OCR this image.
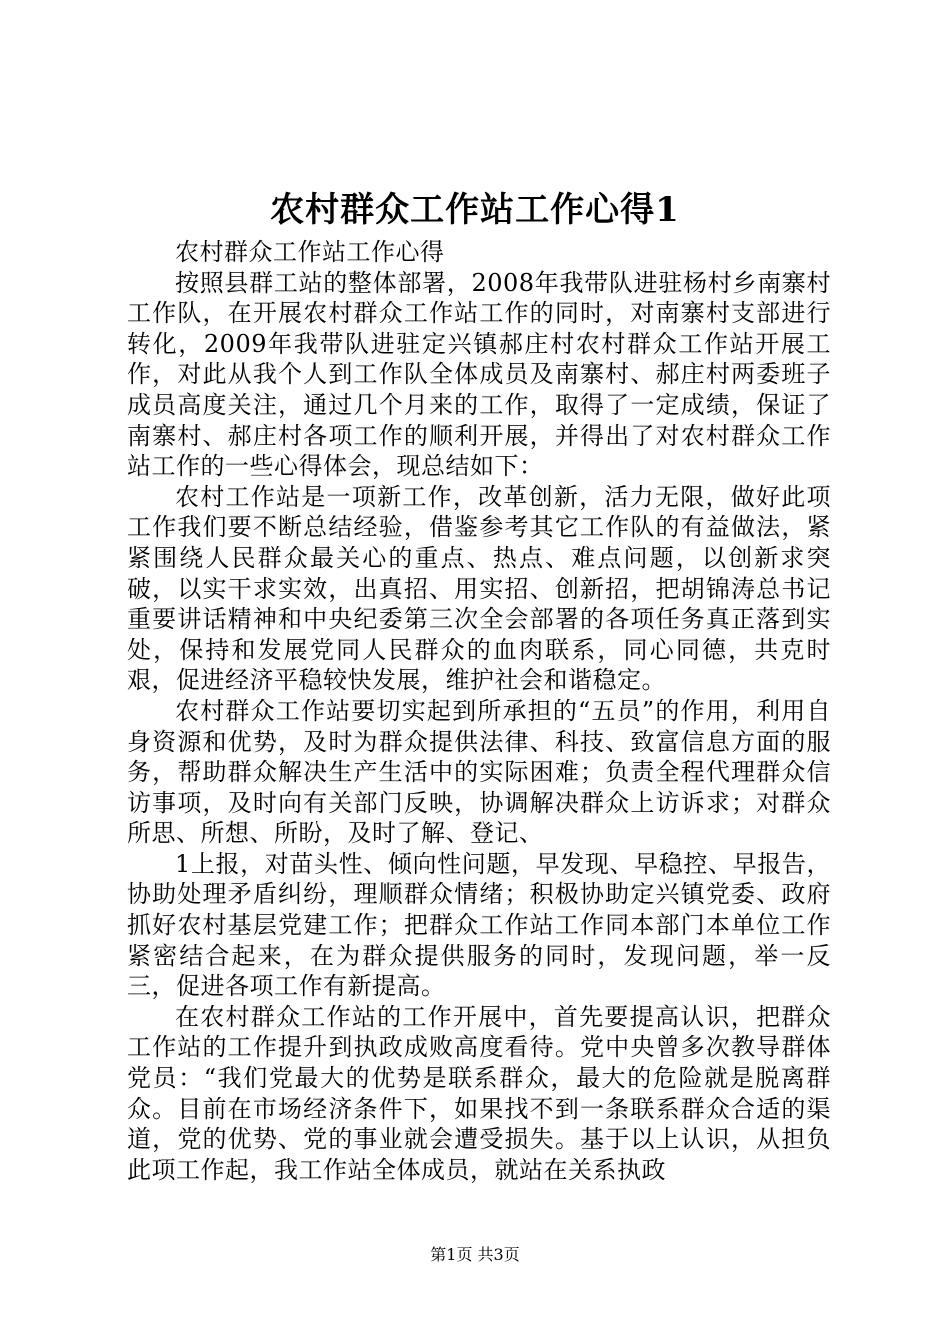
农村群众工作站工作心得1

农村群众工作站工作心得

按照县群工站的整体部署，2008年我带队进驻杨村乡南寨村工作队，在开展农村群众工作站工作的同时，对南寨村支部进行转化，2009年我带队进驻定兴镇郝庄村农村群众工作站开展工作，对此从我个人到工作队全体成员及南寨村、郝庄村两委班子成员高度关注，通过几个月来的工作，取得了一定成绩，保证了南寨村、郝庄村各项工作的顺利开展，并得出了对农村群众工作站工作的一些心得体会，现总结如下：

农村工作站是一项新工作，改革创新，活力无限，做好此项工作我们要不断总结经验，借鉴参考其它工作队的有益做法，紧紧围绕人民群众最关心的重点、热点、难点问题，以创新求突破，以实干求实效，出真招、用实招、创新招，把胡锦涛总书记重要讲话精神和中央纪委第三次全会部署的各项任务真正落到实处，保持和发展党同人民群众的血肉联系，同心同德，共克时艰，促进经济平稳较快发展，维护社会和谐稳定。

农村群众工作站要切实起到所承担的“五员”的作用，利用自身资源和优势，及时为群众提供法律、科技、致富信息方面的服务，帮助群众解决生产生活中的实际困难；负责全程代理群众信访事项，及时向有关部门反映，协调解决群众上访诉求；对群众所思、所想、所盼，及时了解、登记、

1上报，对苗头性、倾向性问题，早发现、早稳控、早报告，协助处理矛盾纠纷，理顺群众情绪；积极协助定兴镇党委、政府抓好农村基层党建工作；把群众工作站工作同本部门本单位工作紧密结合起来，在为群众提供服务的同时，发现问题，举一反三，促进各项工作有新提高。

在农村群众工作站的工作开展中，首先要提高认识，把群众工作站的工作提升到执政成败高度看待。党中央曾多次教导群体党员：“我们党最大的优势是联系群众，最大的危险就是脱离群众。目前在市场经济条件下，如果找不到一条联系群众合适的渠道，党的优势、党的事业就会遭受损失。基于以上认识，从担负此项工作起，我工作站全体成员，就站在关系执政

第1页 共3页
